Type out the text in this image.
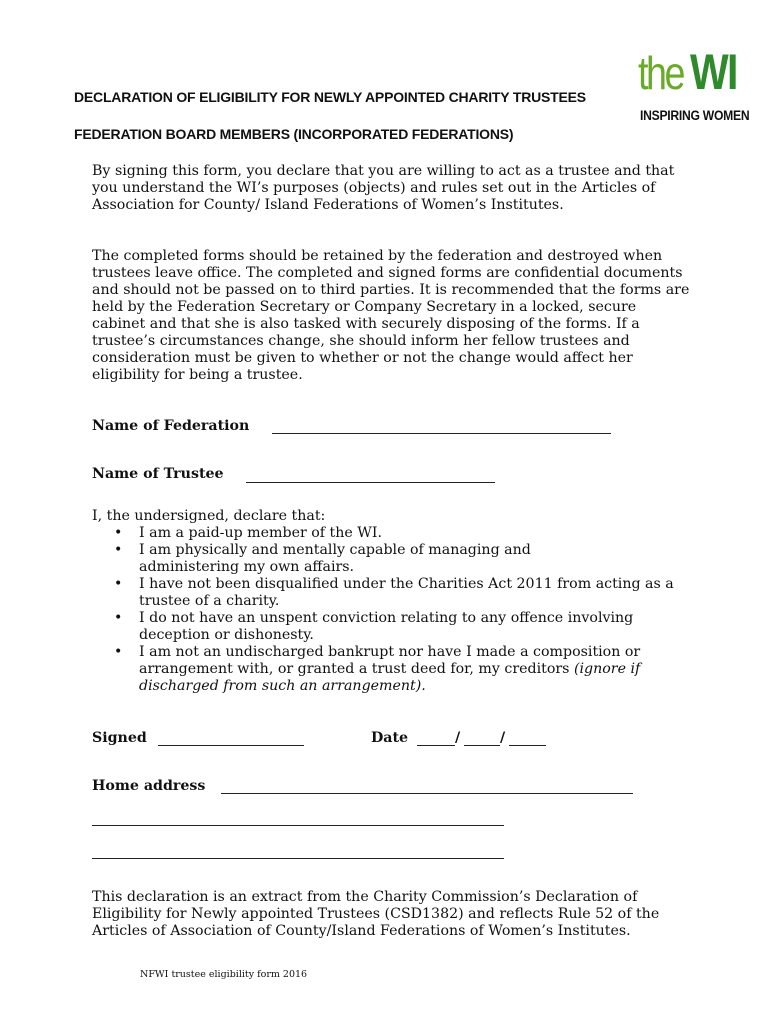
the WI
INSPIRING WOMEN
DECLARATION OF ELIGIBILITY FOR NEWLY APPOINTED CHARITY TRUSTEES
FEDERATION BOARD MEMBERS (INCORPORATED FEDERATIONS)

By signing this form, you declare that you are willing to act as a trustee and that you understand the WI’s purposes (objects) and rules set out in the Articles of Association for County/ Island Federations of Women’s Institutes.

The completed forms should be retained by the federation and destroyed when trustees leave office. The completed and signed forms are confidential documents and should not be passed on to third parties. It is recommended that the forms are held by the Federation Secretary or Company Secretary in a locked, secure cabinet and that she is also tasked with securely disposing of the forms. If a trustee’s circumstances change, she should inform her fellow trustees and consideration must be given to whether or not the change would affect her eligibility for being a trustee.

Name of Federation
Name of Trustee
I, the undersigned, declare that:
• I am a paid-up member of the WI.
• I am physically and mentally capable of managing and administering my own affairs.
• I have not been disqualified under the Charities Act 2011 from acting as a trustee of a charity.
• I do not have an unspent conviction relating to any offence involving deception or dishonesty.
• I am not an undischarged bankrupt nor have I made a composition or arrangement with, or granted a trust deed for, my creditors (ignore if discharged from such an arrangement).
Signed	Date	/	/
Home address

This declaration is an extract from the Charity Commission’s Declaration of Eligibility for Newly appointed Trustees (CSD1382) and reflects Rule 52 of the Articles of Association of County/Island Federations of Women’s Institutes.

NFWI trustee eligibility form 2016
